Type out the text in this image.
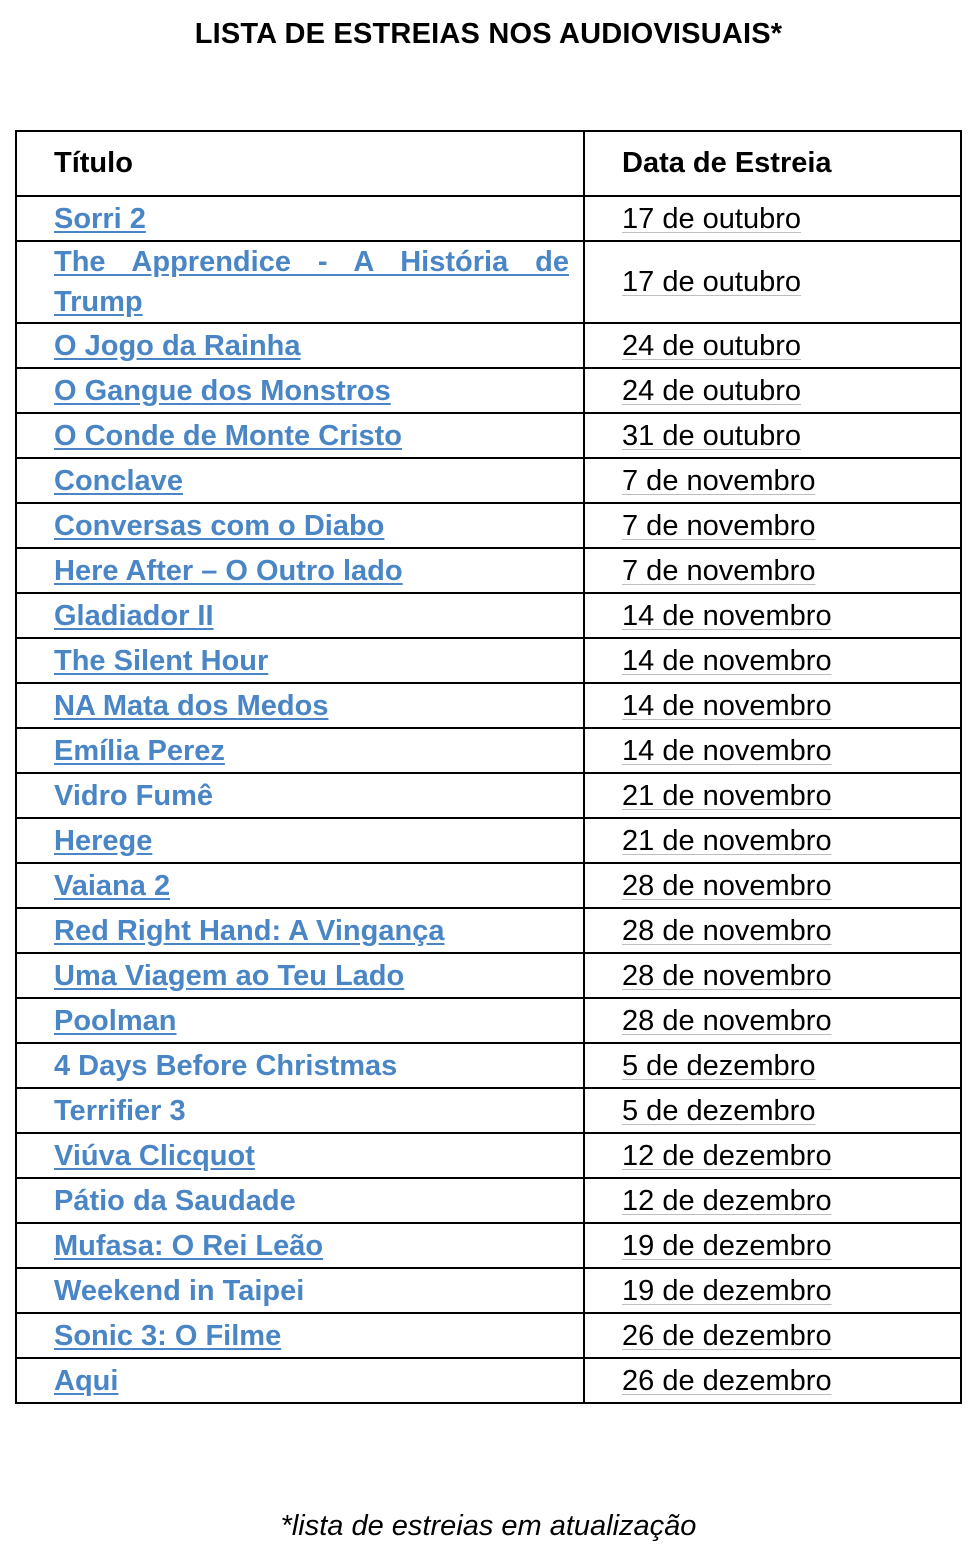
LISTA DE ESTREIAS NOS AUDIOVISUAIS*
Título	Data de Estreia
Sorri 2	17 de outubro

The Apprendice - A História de Trump	17 de outubro
O Jogo da Rainha	24 de outubro
O Gangue dos Monstros	24 de outubro
O Conde de Monte Cristo	31 de outubro
Conclave	7 de novembro
Conversas com o Diabo	7 de novembro
Here After – O Outro lado	7 de novembro
Gladiador II	14 de novembro
The Silent Hour	14 de novembro
NA Mata dos Medos	14 de novembro
Emília Perez	14 de novembro
Vidro Fumê	21 de novembro
Herege	21 de novembro
Vaiana 2	28 de novembro
Red Right Hand: A Vingança	28 de novembro
Uma Viagem ao Teu Lado	28 de novembro
Poolman	28 de novembro
4 Days Before Christmas	5 de dezembro
Terrifier 3	5 de dezembro
Viúva Clicquot	12 de dezembro
Pátio da Saudade	12 de dezembro
Mufasa: O Rei Leão	19 de dezembro
Weekend in Taipei	19 de dezembro
Sonic 3: O Filme	26 de dezembro
Aqui	26 de dezembro
*lista de estreias em atualização
